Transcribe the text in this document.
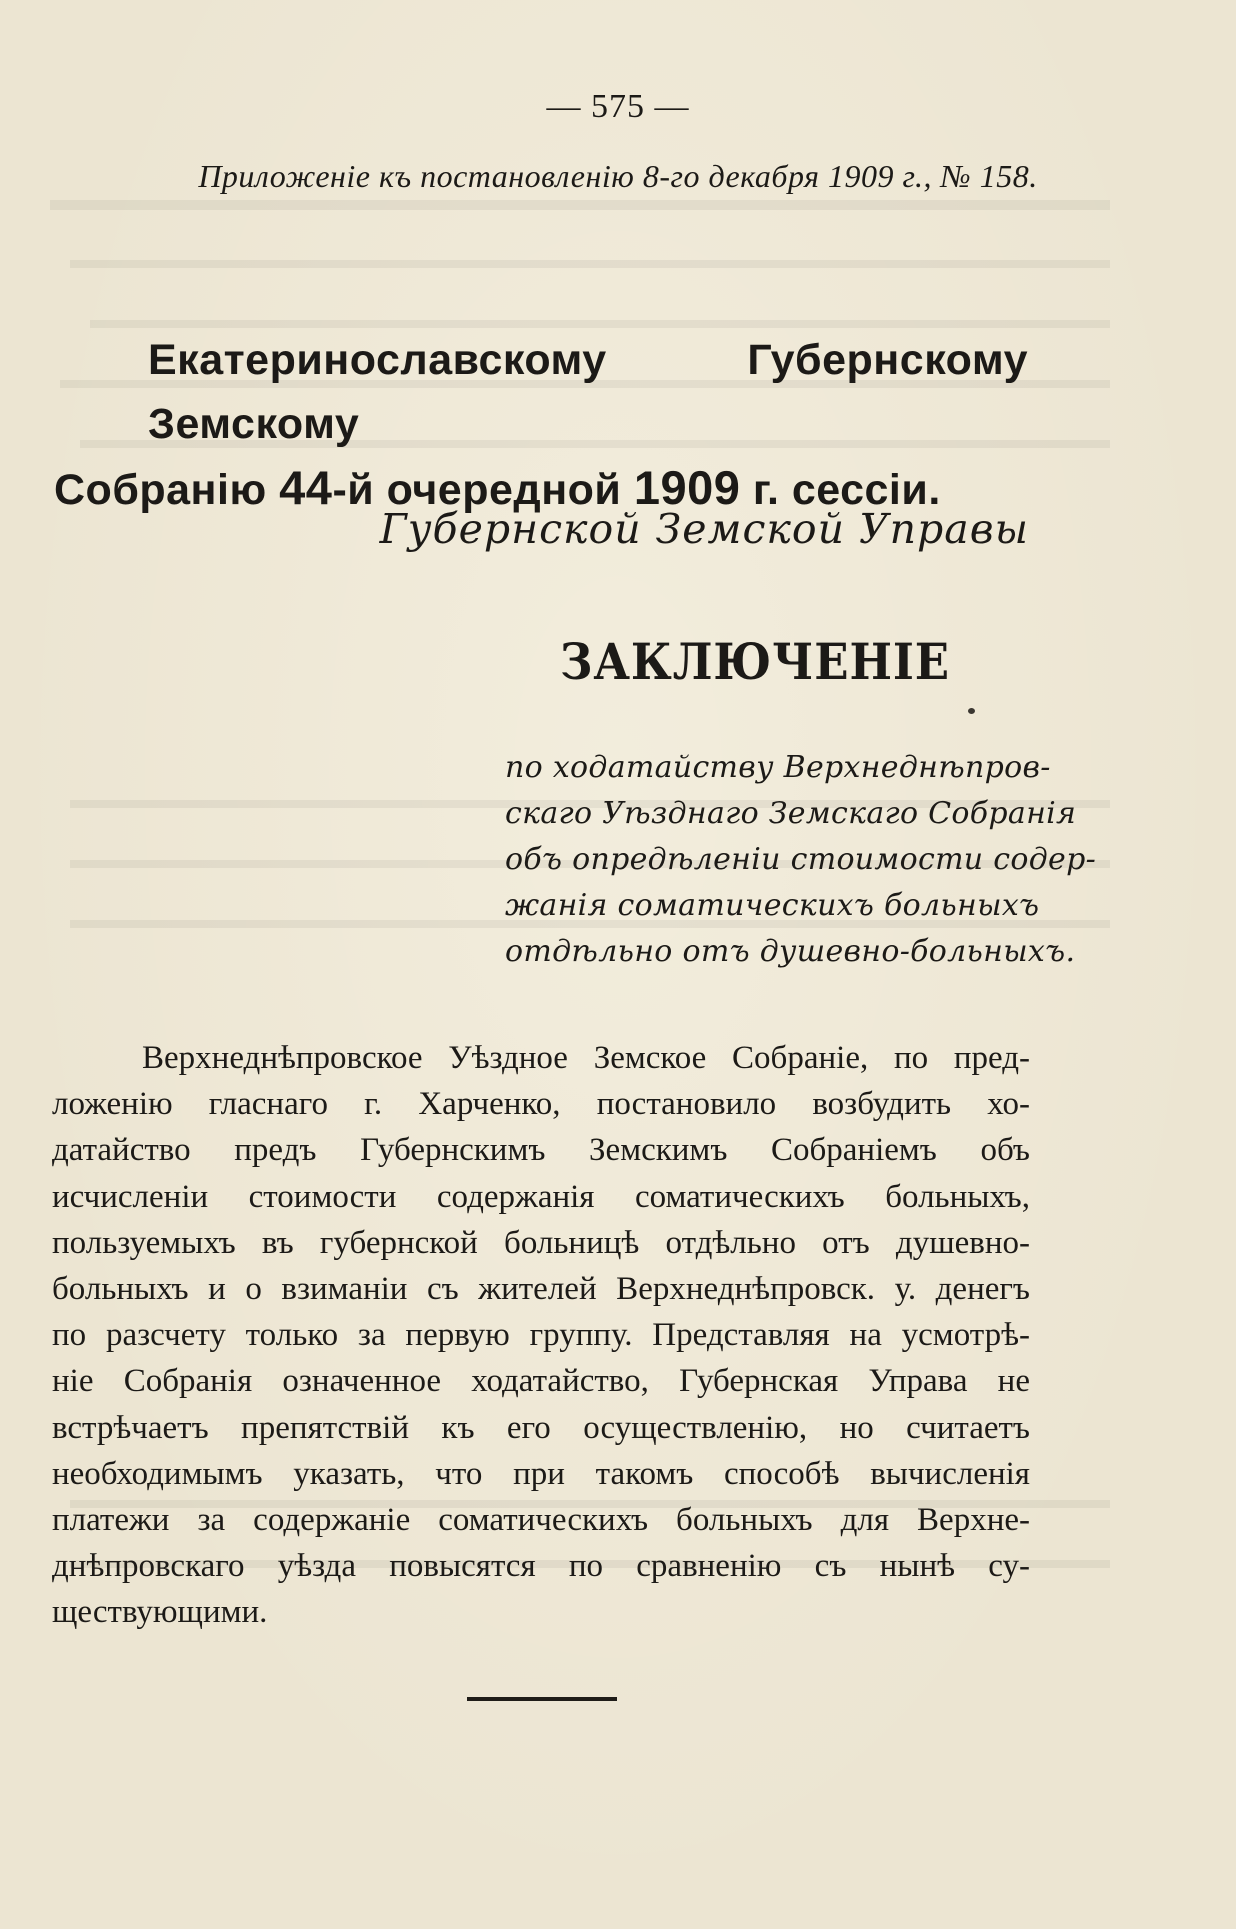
— 575 —
Приложеніе къ постановленію 8-го декабря 1909 г., № 158.
Екатеринославскому Губернскому Земскому
Собранію 44-й очередной 1909 г. сессіи.
Губернской Земской Управы
ЗАКЛЮЧЕНІЕ
по ходатайству Верхнеднѣпров-
скаго Уѣзднаго Земскаго Собранія
объ опредѣленіи стоимости содер-
жанія соматическихъ больныхъ
отдѣльно отъ душевно-больныхъ.
Верхнеднѣпровское Уѣздное Земское Собраніе, по пред-
ложенію гласнаго г. Харченко, постановило возбудить хо-
датайство предъ Губернскимъ Земскимъ Собраніемъ объ
исчисленіи стоимости содержанія соматическихъ больныхъ,
пользуемыхъ въ губернской больницѣ отдѣльно отъ душевно-
больныхъ и о взиманіи съ жителей Верхнеднѣпровск. у. денегъ
по разсчету только за первую группу. Представляя на усмотрѣ-
ніе Собранія означенное ходатайство, Губернская Управа не
встрѣчаетъ препятствій къ его осуществленію, но считаетъ
необходимымъ указать, что при такомъ способѣ вычисленія
платежи за содержаніе соматическихъ больныхъ для Верхне-
днѣпровскаго уѣзда повысятся по сравненію съ нынѣ су-
ществующими.
